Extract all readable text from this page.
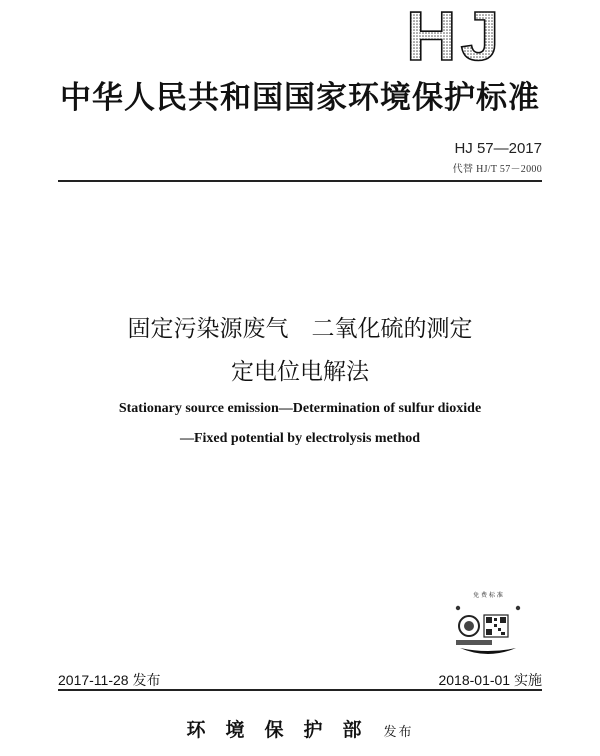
HJ
中华人民共和国国家环境保护标准
HJ 57—2017
代替 HJ/T 57－2000
固定污染源废气　二氧化硫的测定
定电位电解法
Stationary source emission—Determination of sulfur dioxide
—Fixed potential by electrolysis method
免 费 标 准
2017-11-28 发布	2018-01-01 实施
环境保护部 发布
